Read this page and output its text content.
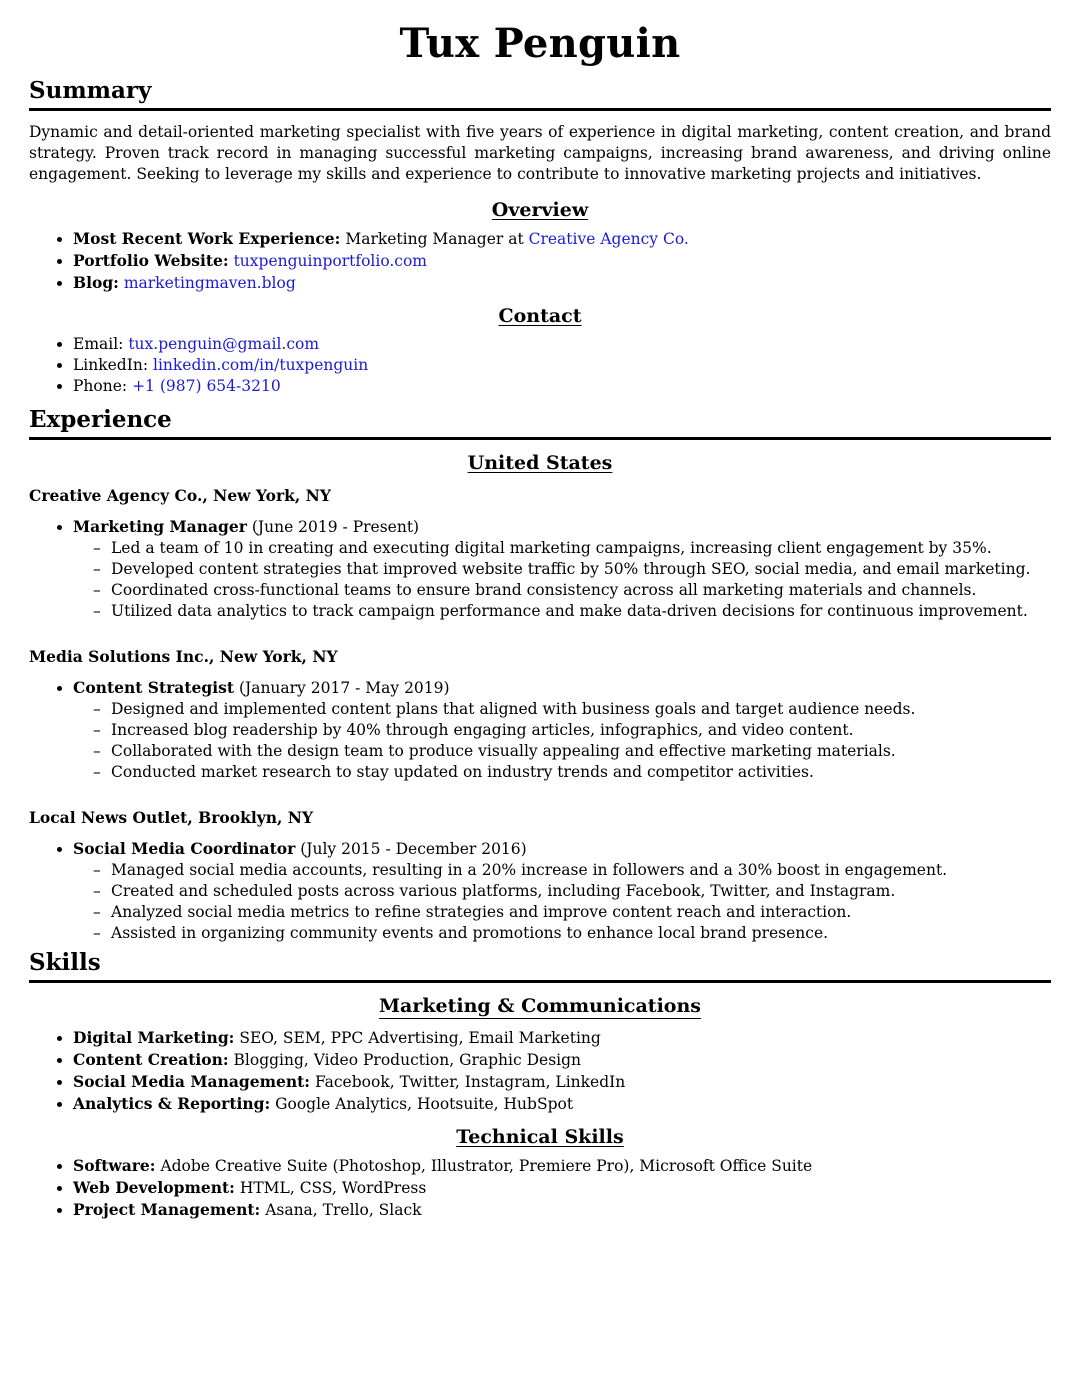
Tux Penguin
Summary

Dynamic and detail-oriented marketing specialist with five years of experience in digital marketing, content creation, and brand strategy. Proven track record in managing successful marketing campaigns, increasing brand awareness, and driving online engagement. Seeking to leverage my skills and experience to contribute to innovative marketing projects and initiatives.

Overview
• Most Recent Work Experience: Marketing Manager at Creative Agency Co.
• Portfolio Website: tuxpenguinportfolio.com
• Blog: marketingmaven.blog
Contact
• Email: tux.penguin@gmail.com
• LinkedIn: linkedin.com/in/tuxpenguin
• Phone: +1 (987) 654-3210
Experience
United States

Creative Agency Co., New York, NY

• Marketing Manager (June 2019 - Present)
– Led a team of 10 in creating and executing digital marketing campaigns, increasing client engagement by 35%.
– Developed content strategies that improved website traffic by 50% through SEO, social media, and email marketing.
– Coordinated cross-functional teams to ensure brand consistency across all marketing materials and channels.
– Utilized data analytics to track campaign performance and make data-driven decisions for continuous improvement.

Media Solutions Inc., New York, NY

• Content Strategist (January 2017 - May 2019)
– Designed and implemented content plans that aligned with business goals and target audience needs.
– Increased blog readership by 40% through engaging articles, infographics, and video content.
– Collaborated with the design team to produce visually appealing and effective marketing materials.
– Conducted market research to stay updated on industry trends and competitor activities.

Local News Outlet, Brooklyn, NY

• Social Media Coordinator (July 2015 - December 2016)
– Managed social media accounts, resulting in a 20% increase in followers and a 30% boost in engagement.
– Created and scheduled posts across various platforms, including Facebook, Twitter, and Instagram.
– Analyzed social media metrics to refine strategies and improve content reach and interaction.
– Assisted in organizing community events and promotions to enhance local brand presence.
Skills
Marketing & Communications
• Digital Marketing: SEO, SEM, PPC Advertising, Email Marketing
• Content Creation: Blogging, Video Production, Graphic Design
• Social Media Management: Facebook, Twitter, Instagram, LinkedIn
• Analytics & Reporting: Google Analytics, Hootsuite, HubSpot
Technical Skills
• Software: Adobe Creative Suite (Photoshop, Illustrator, Premiere Pro), Microsoft Office Suite
• Web Development: HTML, CSS, WordPress
• Project Management: Asana, Trello, Slack
